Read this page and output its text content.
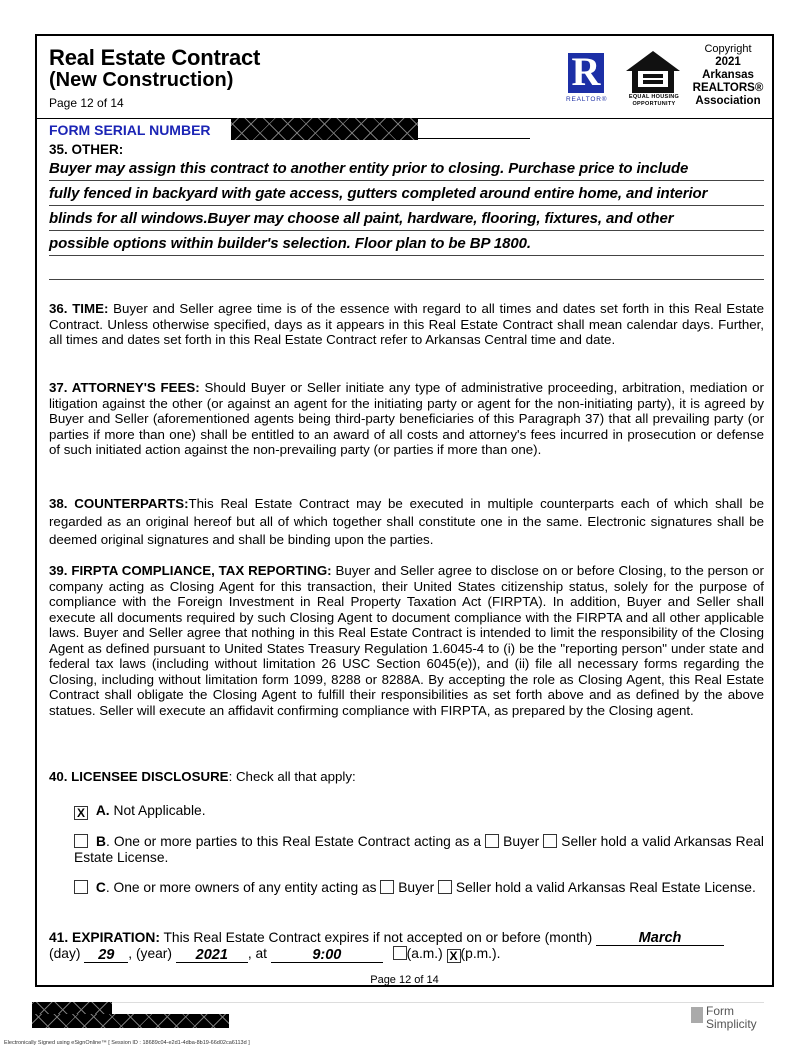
Real Estate Contract
(New Construction)
Page 12 of 14
R
REALTOR®	EQUAL HOUSING
OPPORTUNITY
Copyright
2021
Arkansas
REALTORS®
Association
FORM SERIAL NUMBER
35. OTHER:
Buyer may assign this contract to another entity prior to closing. Purchase price to include
fully fenced in backyard with gate access, gutters completed around entire home, and interior
blinds for all windows.Buyer may choose all paint, hardware, flooring, fixtures, and other
possible options within builder's selection. Floor plan to be BP 1800.
36. TIME: Buyer and Seller agree time is of the essence with regard to all times and dates set forth in this Real Estate Contract. Unless otherwise specified, days as it appears in this Real Estate Contract shall mean calendar days. Further, all times and dates set forth in this Real Estate Contract refer to Arkansas Central time and date.
37. ATTORNEY'S FEES: Should Buyer or Seller initiate any type of administrative proceeding, arbitration, mediation or litigation against the other (or against an agent for the initiating party or agent for the non-initiating party), it is agreed by Buyer and Seller (aforementioned agents being third-party beneficiaries of this Paragraph 37) that all prevailing party (or parties if more than one) shall be entitled to an award of all costs and attorney's fees incurred in prosecution or defense of such initiated action against the non-prevailing party (or parties if more than one).
38. COUNTERPARTS:This Real Estate Contract may be executed in multiple counterparts each of which shall be regarded as an original hereof but all of which together shall constitute one in the same. Electronic signatures shall be deemed original signatures and shall be binding upon the parties.
39. FIRPTA COMPLIANCE, TAX REPORTING: Buyer and Seller agree to disclose on or before Closing, to the person or company acting as Closing Agent for this transaction, their United States citizenship status, solely for the purpose of compliance with the Foreign Investment in Real Property Taxation Act (FIRPTA). In addition, Buyer and Seller shall execute all documents required by such Closing Agent to document compliance with the FIRPTA and all other applicable laws. Buyer and Seller agree that nothing in this Real Estate Contract is intended to limit the responsibility of the Closing Agent as defined pursuant to United States Treasury Regulation 1.6045-4 to (i) be the "reporting person" under state and federal tax laws (including without limitation 26 USC Section 6045(e)), and (ii) file all necessary forms regarding the Closing, including without limitation form 1099, 8288 or 8288A. By accepting the role as Closing Agent, this Real Estate Contract shall obligate the Closing Agent to fulfill their responsibilities as set forth above and as defined by the above statues. Seller will execute an affidavit confirming compliance with FIRPTA, as prepared by the Closing agent.
40. LICENSEE DISCLOSURE: Check all that apply:
X A. Not Applicable.
B. One or more parties to this Real Estate Contract acting as a  Buyer  Seller hold a valid Arkansas Real Estate License.
C. One or more owners of any entity acting as  Buyer  Seller hold a valid Arkansas Real Estate License.
41. EXPIRATION: This Real Estate Contract expires if not accepted on or before (month)	March
(day) 29 , (year) 2021 , at	9:00	(a.m.) X (p.m.).
Page 12 of 14
Form
Simplicity
Electronically Signed using eSignOnline™ [ Session ID : 18689c04-e2d1-4dba-8b19-66d02ca6113d ]
